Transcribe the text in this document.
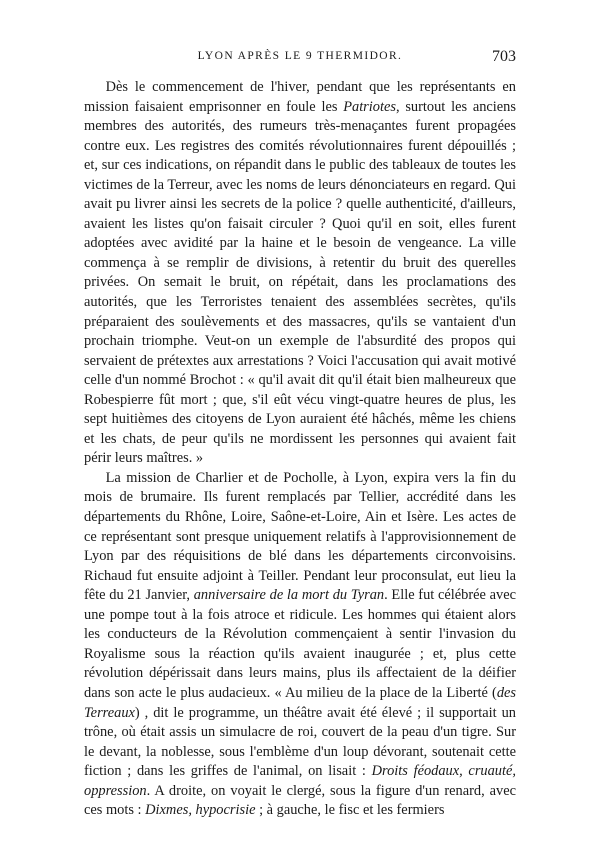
LYON APRÈS LE 9 THERMIDOR.	703

Dès le commencement de l'hiver, pendant que les représentants en mission faisaient emprisonner en foule les Patriotes, surtout les anciens membres des autorités, des rumeurs très-menaçantes furent propagées contre eux. Les registres des comités révolutionnaires furent dépouillés ; et, sur ces indications, on répandit dans le public des tableaux de toutes les victimes de la Terreur, avec les noms de leurs dénonciateurs en regard. Qui avait pu livrer ainsi les secrets de la police ? quelle authenticité, d'ailleurs, avaient les listes qu'on faisait circuler ? Quoi qu'il en soit, elles furent adoptées avec avidité par la haine et le besoin de vengeance. La ville commença à se remplir de divisions, à retentir du bruit des querelles privées. On semait le bruit, on répétait, dans les proclamations des autorités, que les Terroristes tenaient des assemblées secrètes, qu'ils préparaient des soulèvements et des massacres, qu'ils se vantaient d'un prochain triomphe. Veut-on un exemple de l'absurdité des propos qui servaient de prétextes aux arrestations ? Voici l'accusation qui avait motivé celle d'un nommé Brochot : « qu'il avait dit qu'il était bien malheureux que Robespierre fût mort ; que, s'il eût vécu vingt-quatre heures de plus, les sept huitièmes des citoyens de Lyon auraient été hâchés, même les chiens et les chats, de peur qu'ils ne mordissent les personnes qui avaient fait périr leurs maîtres. »

La mission de Charlier et de Pocholle, à Lyon, expira vers la fin du mois de brumaire. Ils furent remplacés par Tellier, accrédité dans les départements du Rhône, Loire, Saône-et-Loire, Ain et Isère. Les actes de ce représentant sont presque uniquement relatifs à l'approvisionnement de Lyon par des réquisitions de blé dans les départements circonvoisins. Richaud fut ensuite adjoint à Teiller. Pendant leur proconsulat, eut lieu la fête du 21 Janvier, anniversaire de la mort du Tyran. Elle fut célébrée avec une pompe tout à la fois atroce et ridicule. Les hommes qui étaient alors les conducteurs de la Révolution commençaient à sentir l'invasion du Royalisme sous la réaction qu'ils avaient inaugurée ; et, plus cette révolution dépérissait dans leurs mains, plus ils affectaient de la déifier dans son acte le plus audacieux. « Au milieu de la place de la Liberté (des Terreaux) , dit le programme, un théâtre avait été élevé ; il supportait un trône, où était assis un simulacre de roi, couvert de la peau d'un tigre. Sur le devant, la noblesse, sous l'emblème d'un loup dévorant, soutenait cette fiction ; dans les griffes de l'animal, on lisait : Droits féodaux, cruauté, oppression. A droite, on voyait le clergé, sous la figure d'un renard, avec ces mots : Dixmes, hypocrisie ; à gauche, le fisc et les fermiers
